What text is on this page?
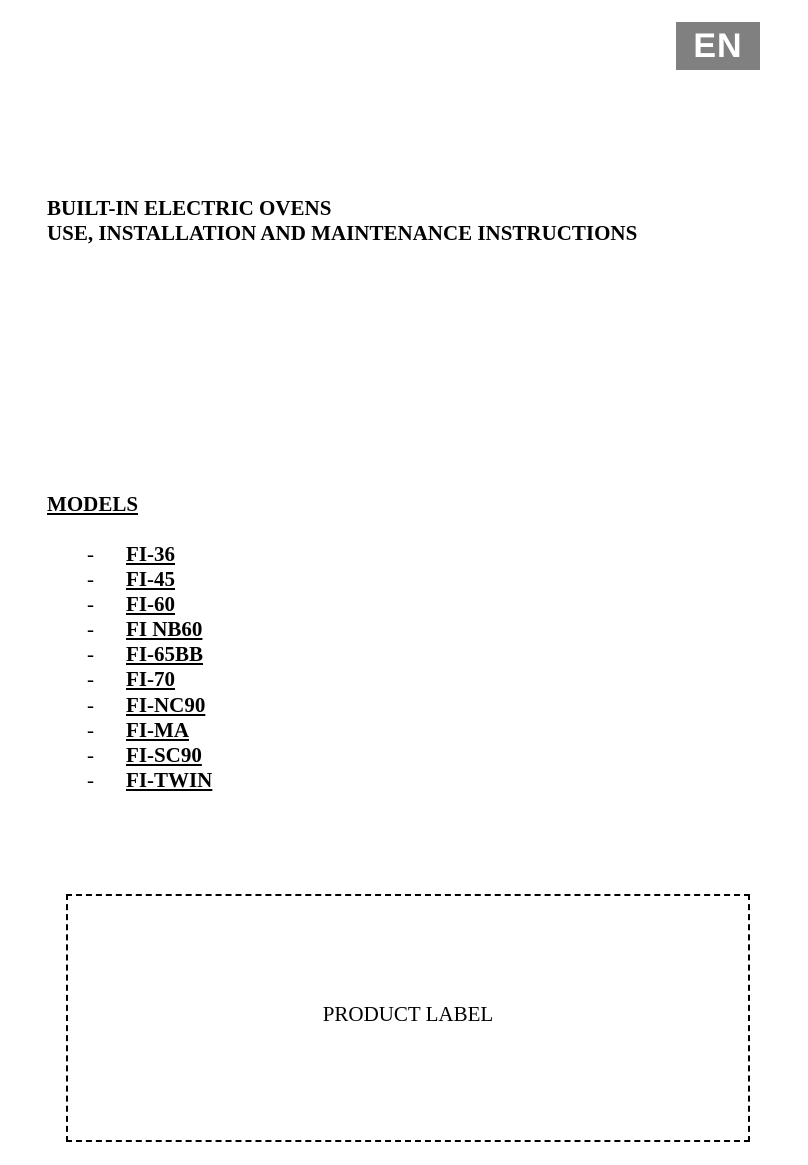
EN
BUILT-IN ELECTRIC OVENS
USE, INSTALLATION AND MAINTENANCE INSTRUCTIONS
MODELS
- FI-36
- FI-45
- FI-60
- FI NB60
- FI-65BB
- FI-70
- FI-NC90
- FI-MA
- FI-SC90
- FI-TWIN
PRODUCT LABEL
